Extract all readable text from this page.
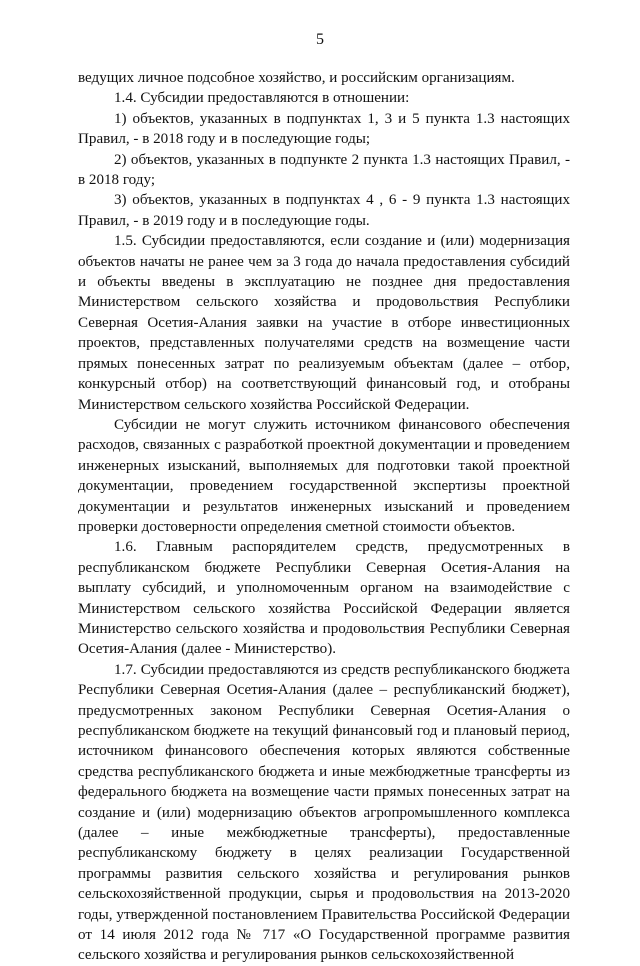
5

ведущих личное подсобное хозяйство, и российским организациям.

1.4. Субсидии предоставляются в отношении:

1) объектов, указанных в подпунктах 1, 3 и 5 пункта 1.3 настоящих Правил, - в 2018 году и в последующие годы;

2) объектов, указанных в подпункте 2 пункта 1.3 настоящих Правил, - в 2018 году;

3) объектов, указанных в подпунктах 4 , 6 - 9 пункта 1.3 настоящих Правил, - в 2019 году и в последующие годы.

1.5. Субсидии предоставляются, если создание и (или) модернизация объектов начаты не ранее чем за 3 года до начала предоставления субсидий и объекты введены в эксплуатацию не позднее дня предоставления Министерством сельского хозяйства и продовольствия Республики Северная Осетия-Алания заявки на участие в отборе инвестиционных проектов, представленных получателями средств на возмещение части прямых понесенных затрат по реализуемым объектам (далее – отбор, конкурсный отбор) на соответствующий финансовый год, и отобраны Министерством сельского хозяйства Российской Федерации.

Субсидии не могут служить источником финансового обеспечения расходов, связанных с разработкой проектной документации и проведением инженерных изысканий, выполняемых для подготовки такой проектной документации, проведением государственной экспертизы проектной документации и результатов инженерных изысканий и проведением проверки достоверности определения сметной стоимости объектов.

1.6. Главным распорядителем средств, предусмотренных в республиканском бюджете Республики Северная Осетия-Алания на выплату субсидий, и уполномоченным органом на взаимодействие с Министерством сельского хозяйства Российской Федерации является Министерство сельского хозяйства и продовольствия Республики Северная Осетия-Алания (далее - Министерство).

1.7. Субсидии предоставляются из средств республиканского бюджета Республики Северная Осетия-Алания (далее – республиканский бюджет), предусмотренных законом Республики Северная Осетия-Алания о республиканском бюджете на текущий финансовый год и плановый период, источником финансового обеспечения которых являются собственные средства республиканского бюджета и иные межбюджетные трансферты из федерального бюджета на возмещение части прямых понесенных затрат на создание и (или) модернизацию объектов агропромышленного комплекса (далее – иные межбюджетные трансферты), предоставленные республиканскому бюджету в целях реализации Государственной программы развития сельского хозяйства и регулирования рынков сельскохозяйственной продукции, сырья и продовольствия на 2013-2020 годы, утвержденной постановлением Правительства Российской Федерации от 14 июля 2012 года № 717 «О Государственной программе развития сельского хозяйства и регулирования рынков сельскохозяйственной
